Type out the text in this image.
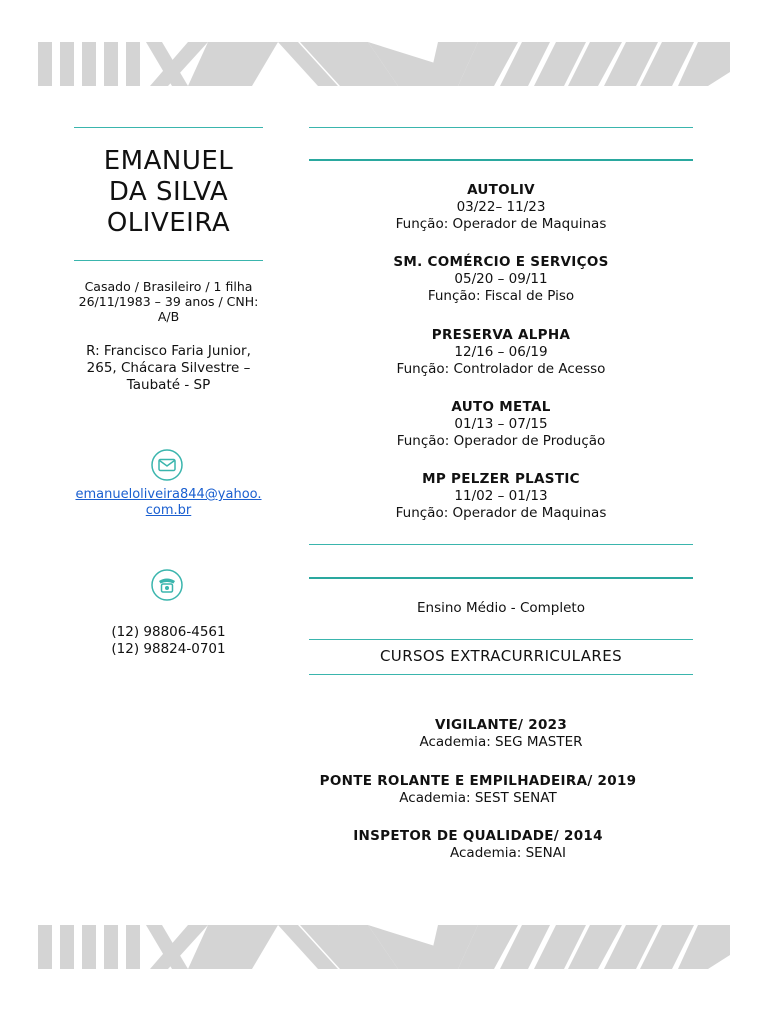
EMANUEL
DA SILVA
OLIVEIRA
Casado / Brasileiro / 1 filha
26/11/1983 – 39 anos / CNH: A/B
R: Francisco Faria Junior, 265, Chácara Silvestre – Taubaté - SP
emanueloliveira844@yahoo.com.br
(12) 98806-4561
(12) 98824-0701
AUTOLIV
03/22– 11/23
Função: Operador de Maquinas
SM. COMÉRCIO E SERVIÇOS
05/20 – 09/11
Função: Fiscal de Piso
PRESERVA ALPHA
12/16 – 06/19
Função: Controlador de Acesso
AUTO METAL
01/13 – 07/15
Função: Operador de Produção
MP PELZER PLASTIC
11/02 – 01/13
Função: Operador de Maquinas
Ensino Médio - Completo
CURSOS EXTRACURRICULARES
VIGILANTE/ 2023
Academia: SEG MASTER
PONTE ROLANTE E EMPILHADEIRA/ 2019
Academia: SEST SENAT
INSPETOR DE QUALIDADE/ 2014
Academia: SENAI
